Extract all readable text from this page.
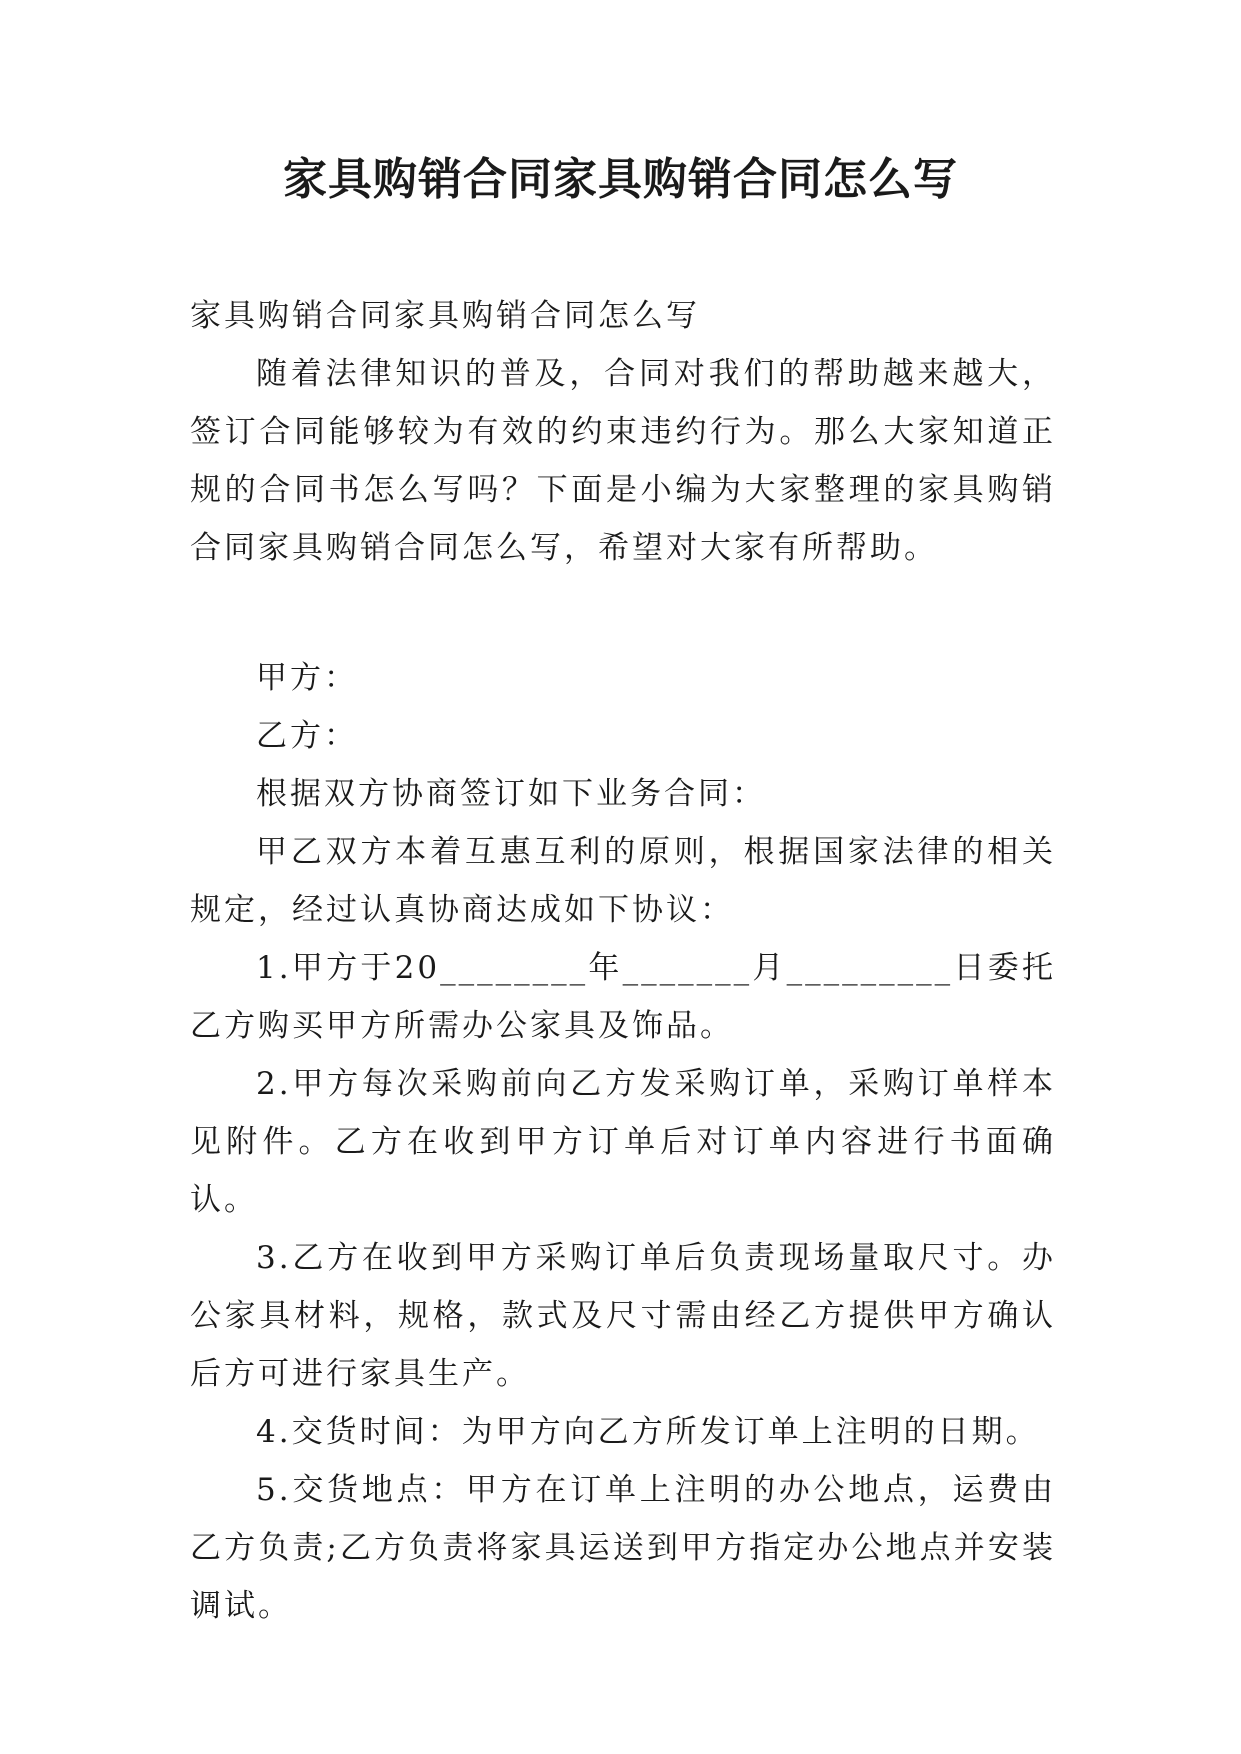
家具购销合同家具购销合同怎么写

家具购销合同家具购销合同怎么写

随着法律知识的普及，合同对我们的帮助越来越大，签订合同能够较为有效的约束违约行为。那么大家知道正规的合同书怎么写吗？下面是小编为大家整理的家具购销合同家具购销合同怎么写，希望对大家有所帮助。

甲方：

乙方：

根据双方协商签订如下业务合同：

甲乙双方本着互惠互利的原则，根据国家法律的相关规定，经过认真协商达成如下协议：

1.甲方于20________年_______月_________日委托乙方购买甲方所需办公家具及饰品。

2.甲方每次采购前向乙方发采购订单，采购订单样本见附件。乙方在收到甲方订单后对订单内容进行书面确认。

3.乙方在收到甲方采购订单后负责现场量取尺寸。办公家具材料，规格，款式及尺寸需由经乙方提供甲方确认后方可进行家具生产。

4.交货时间：为甲方向乙方所发订单上注明的日期。

5.交货地点：甲方在订单上注明的办公地点，运费由乙方负责;乙方负责将家具运送到甲方指定办公地点并安装调试。
